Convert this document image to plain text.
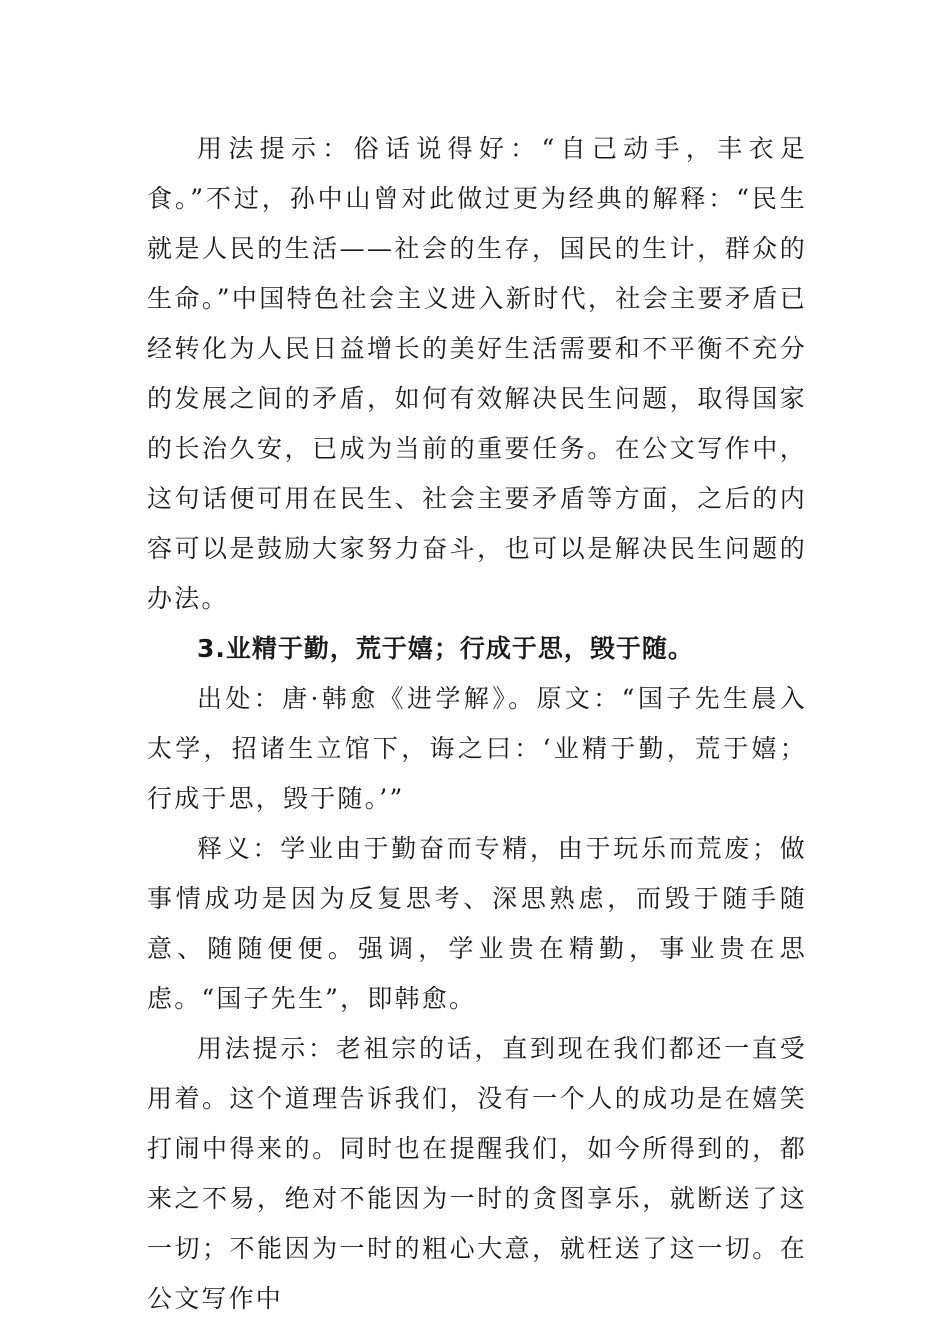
用法提示：俗话说得好：“自己动手，丰衣足食。”不过，孙中山曾对此做过更为经典的解释：“民生就是人民的生活——社会的生存，国民的生计，群众的生命。”中国特色社会主义进入新时代，社会主要矛盾已经转化为人民日益增长的美好生活需要和不平衡不充分的发展之间的矛盾，如何有效解决民生问题，取得国家的长治久安，已成为当前的重要任务。在公文写作中，这句话便可用在民生、社会主要矛盾等方面，之后的内容可以是鼓励大家努力奋斗，也可以是解决民生问题的办法。

3.业精于勤，荒于嬉；行成于思，毁于随。

出处：唐·韩愈《进学解》。原文：“国子先生晨入太学，招诸生立馆下，诲之曰：‘业精于勤，荒于嬉；行成于思，毁于随。’”

释义：学业由于勤奋而专精，由于玩乐而荒废；做事情成功是因为反复思考、深思熟虑，而毁于随手随意、随随便便。强调，学业贵在精勤，事业贵在思虑。“国子先生”，即韩愈。

用法提示：老祖宗的话，直到现在我们都还一直受用着。这个道理告诉我们，没有一个人的成功是在嬉笑打闹中得来的。同时也在提醒我们，如今所得到的，都来之不易，绝对不能因为一时的贪图享乐，就断送了这一切；不能因为一时的粗心大意，就枉送了这一切。在公文写作中
